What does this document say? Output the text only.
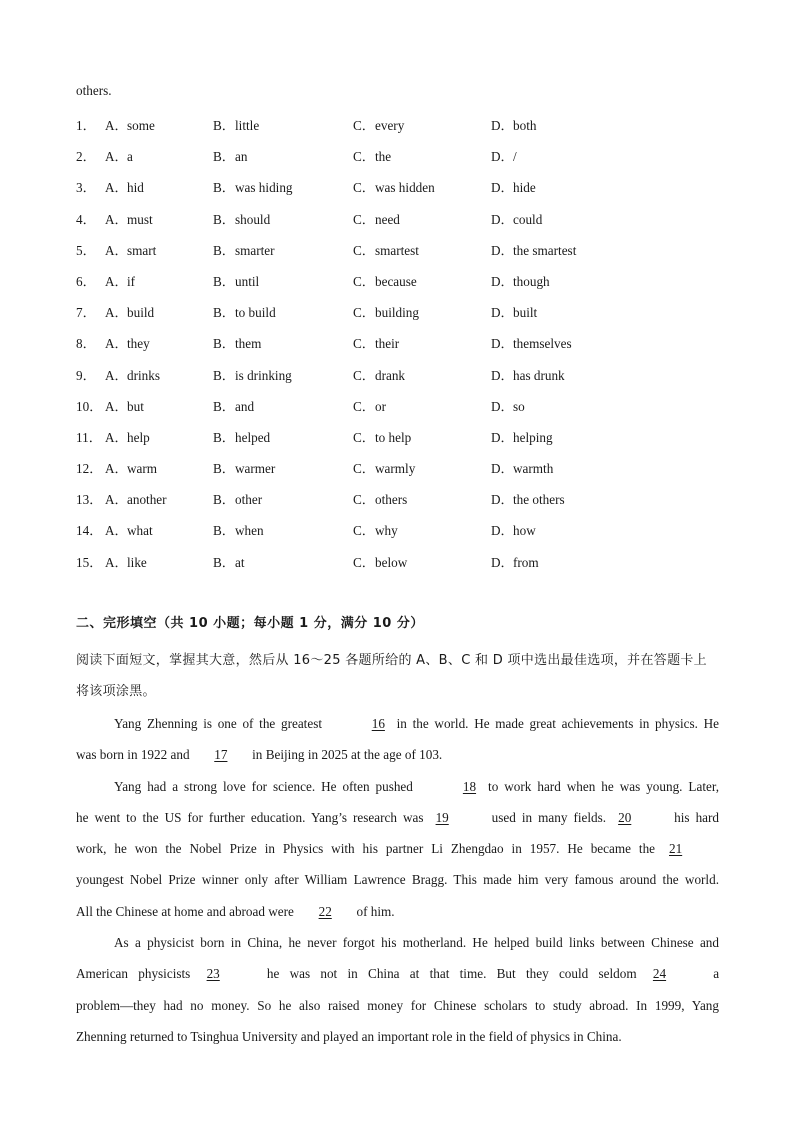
others.
1． A．some	B．little	C．every	D．both
2． A．a	B．an	C．the	D．/
3． A．hid	B．was hiding	C．was hidden	D．hide
4． A．must	B．should	C．need	D．could
5． A．smart	B．smarter	C．smartest	D．the smartest
6． A．if	B．until	C．because	D．though
7． A．build	B．to build	C．building	D．built
8． A．they	B．them	C．their	D．themselves
9． A．drinks	B．is drinking	C．drank	D．has drunk
10． A．but	B．and	C．or	D．so
11． A．help	B．helped	C．to help	D．helping
12． A．warm	B．warmer	C．warmly	D．warmth
13． A．another	B．other	C．others	D．the others
14． A．what	B．when	C．why	D．how
15． A．like	B．at	C．below	D．from
二、完形填空（共 10 小题；每小题 1 分，满分 10 分）
阅读下面短文，掌握其大意，然后从 16～25 各题所给的 A、B、C 和 D 项中选出最佳选项，并在答题卡上
将该项涂黑。

Yang Zhenning is one of the greatest	16 in the world. He made great achievements in physics. He
was born in 1922 and 17 in Beijing in 2025 at the age of 103.

Yang had a strong love for science. He often pushed	18 to work hard when he was young. Later,
he went to the US for further education. Yang’s research was 19	used in many fields. 20	his hard
work, he won the Nobel Prize in Physics with his partner Li Zhengdao in 1957. He became the 21
youngest Nobel Prize winner only after William Lawrence Bragg. This made him very famous around the world.
All the Chinese at home and abroad were 22 of him.

As a physicist born in China, he never forgot his motherland. He helped build links between Chinese and
American physicists 23	he was not in China at that time. But they could seldom 24	a
problem—they had no money. So he also raised money for Chinese scholars to study abroad. In 1999, Yang
Zhenning returned to Tsinghua University and played an important role in the field of physics in China.
